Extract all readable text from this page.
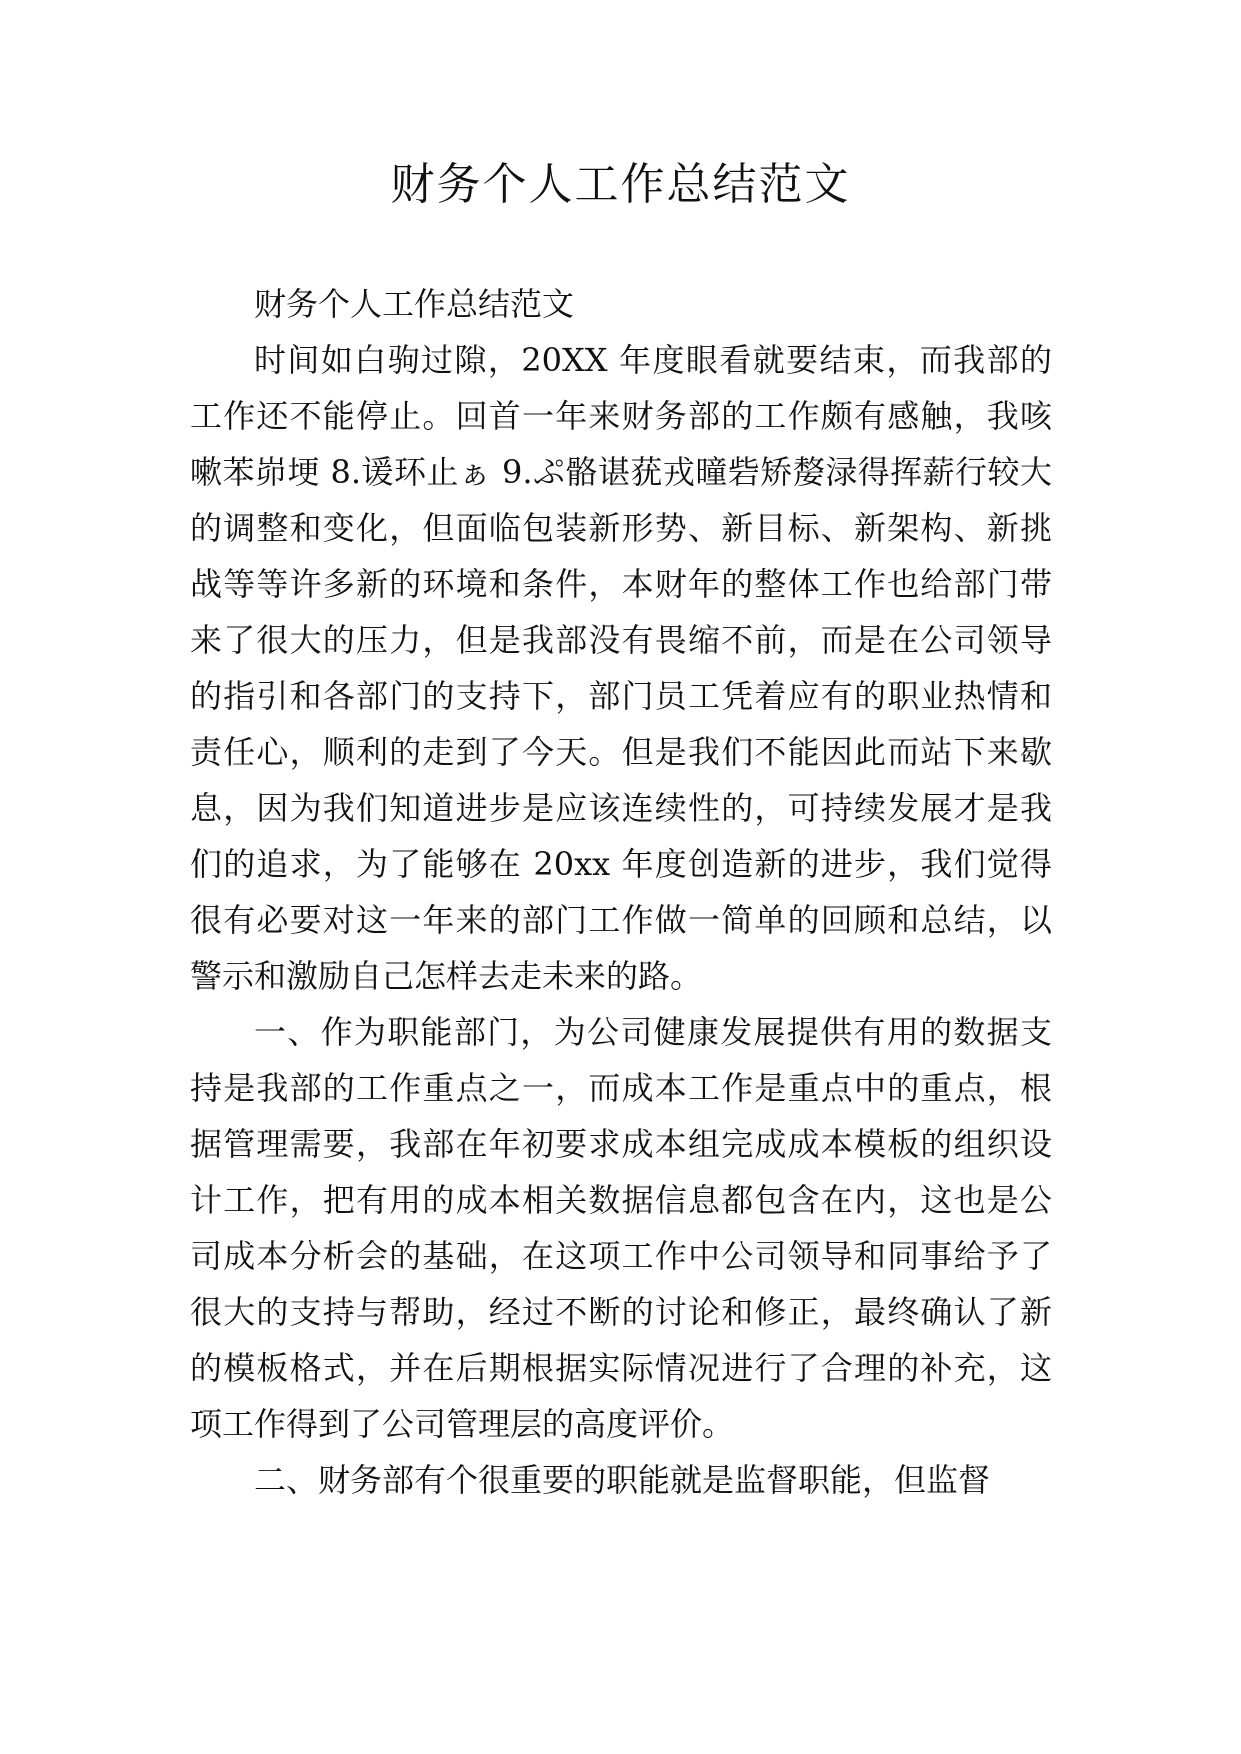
财务个人工作总结范文

财务个人工作总结范文

时间如白驹过隙，20XX 年度眼看就要结束，而我部的工作还不能停止。回首一年来财务部的工作颇有感触，我咳嗽苯峁埂 8.谖环止ぁ 9.ぷ骼谌莸戎曈砦矫嫠渌得挥薪行较大的调整和变化，但面临包装新形势、新目标、新架构、新挑战等等许多新的环境和条件，本财年的整体工作也给部门带来了很大的压力，但是我部没有畏缩不前，而是在公司领导的指引和各部门的支持下，部门员工凭着应有的职业热情和责任心，顺利的走到了今天。但是我们不能因此而站下来歇息，因为我们知道进步是应该连续性的，可持续发展才是我们的追求，为了能够在 20xx 年度创造新的进步，我们觉得很有必要对这一年来的部门工作做一简单的回顾和总结，以警示和激励自己怎样去走未来的路。

一、作为职能部门，为公司健康发展提供有用的数据支持是我部的工作重点之一，而成本工作是重点中的重点，根据管理需要，我部在年初要求成本组完成成本模板的组织设计工作，把有用的成本相关数据信息都包含在内，这也是公司成本分析会的基础，在这项工作中公司领导和同事给予了很大的支持与帮助，经过不断的讨论和修正，最终确认了新的模板格式，并在后期根据实际情况进行了合理的补充，这项工作得到了公司管理层的高度评价。

二、财务部有个很重要的职能就是监督职能，但监督
